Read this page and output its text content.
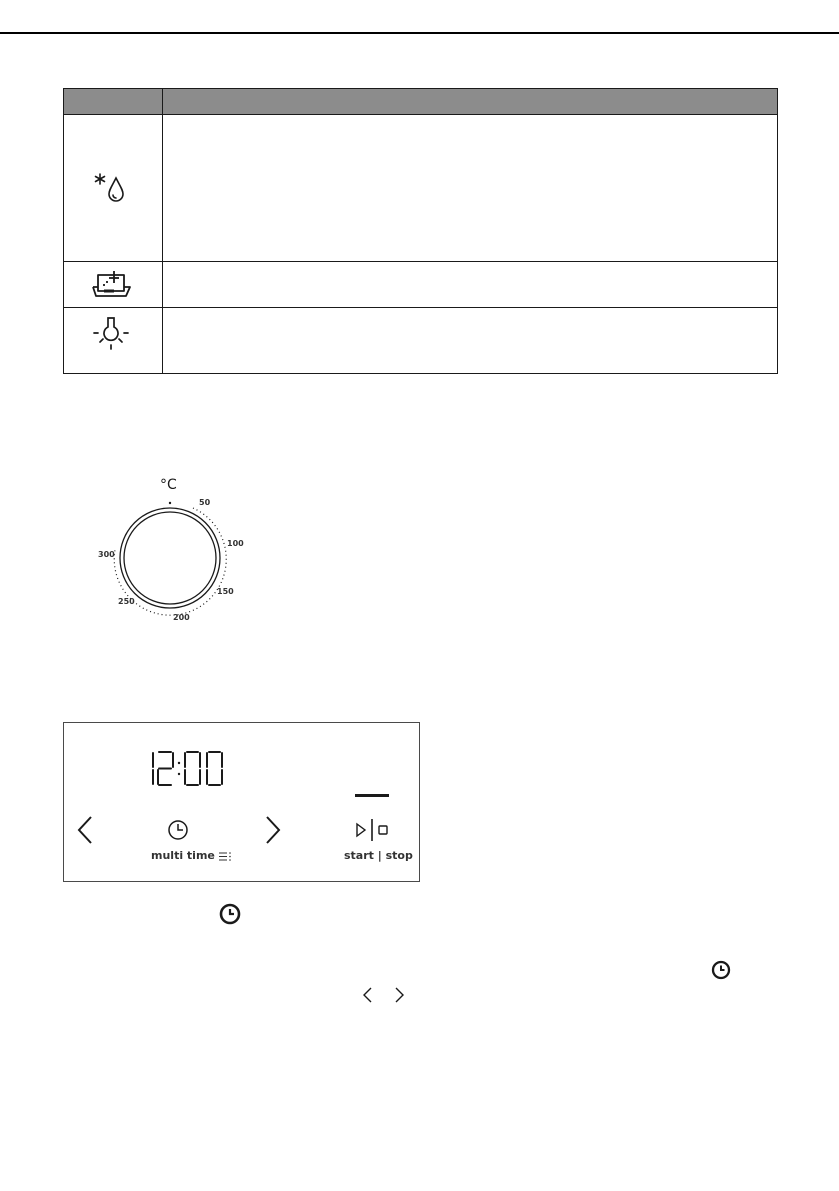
°C
50
100
150
200
250
300
multi time	start | stop
